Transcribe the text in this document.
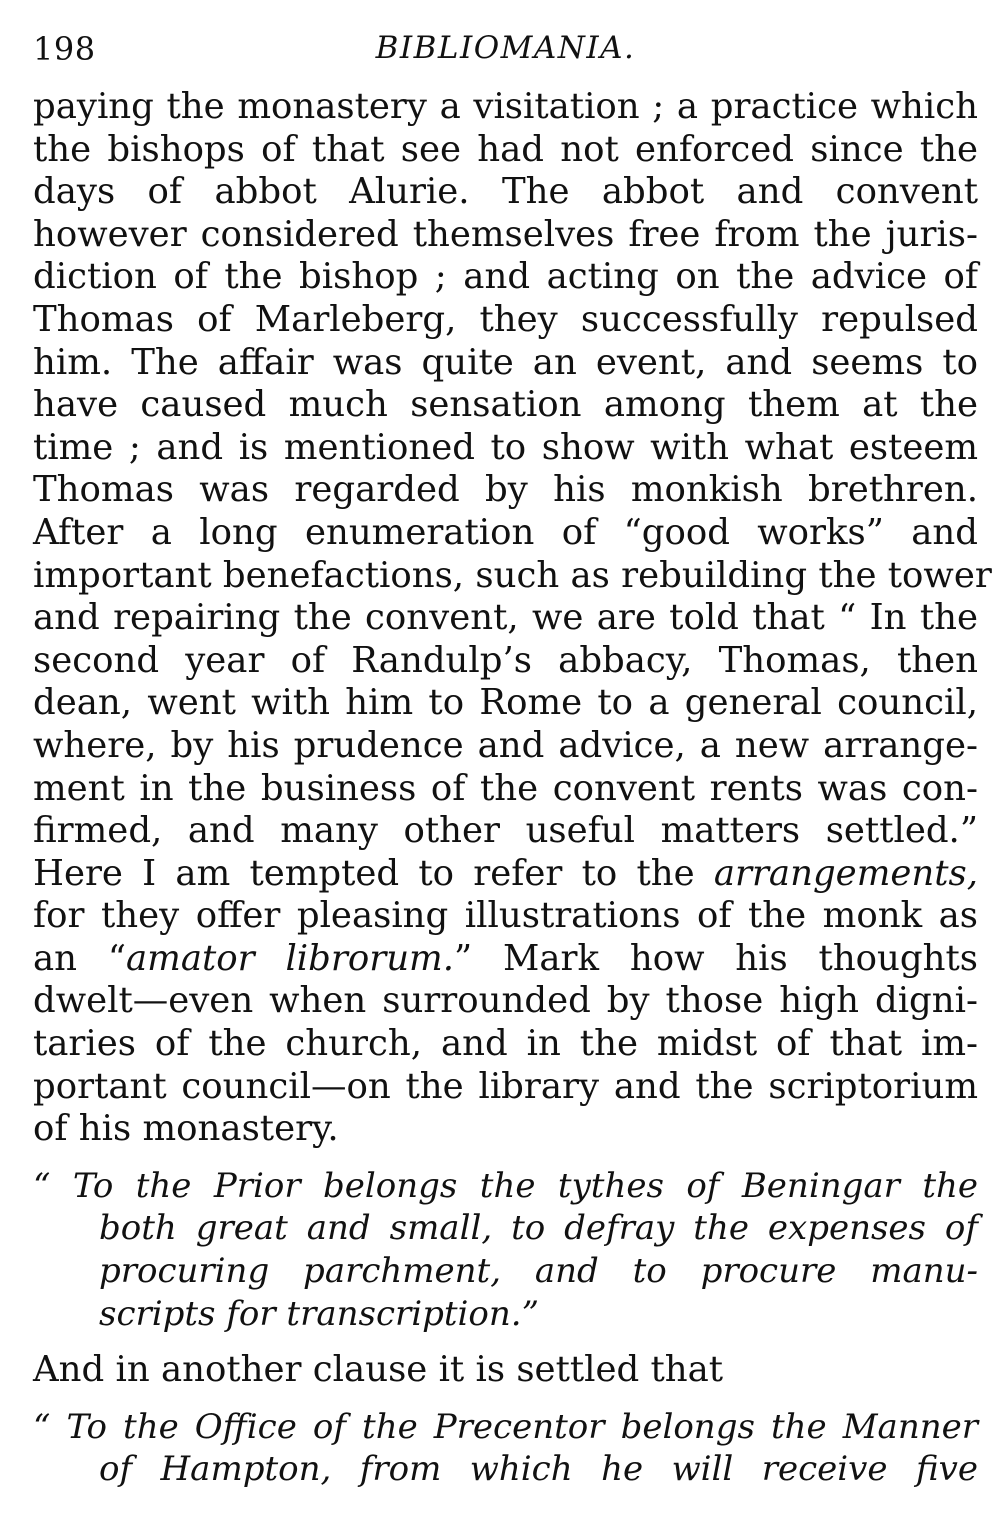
198	BIBLIOMANIA.
paying the monastery a visitation ; a practice which
the bishops of that see had not enforced since the
days of abbot Alurie. The abbot and convent
however considered themselves free from the juris-
diction of the bishop ; and acting on the advice of
Thomas of Marleberg, they successfully repulsed
him. The affair was quite an event, and seems to
have caused much sensation among them at the
time ; and is mentioned to show with what esteem
Thomas was regarded by his monkish brethren.
After a long enumeration of “good works” and
important benefactions, such as rebuilding the tower
and repairing the convent, we are told that “ In the
second year of Randulp’s abbacy, Thomas, then
dean, went with him to Rome to a general council,
where, by his prudence and advice, a new arrange-
ment in the business of the convent rents was con-
firmed, and many other useful matters settled.”
Here I am tempted to refer to the arrangements,
for they offer pleasing illustrations of the monk as
an “amator librorum.” Mark how his thoughts
dwelt—even when surrounded by those high digni-
taries of the church, and in the midst of that im-
portant council—on the library and the scriptorium
of his monastery.
“ To the Prior belongs the tythes of Beningar the
both great and small, to defray the expenses of
procuring parchment, and to procure manu-
scripts for transcription.”
And in another clause it is settled that
“ To the Office of the Precentor belongs the Manner
of Hampton, from which he will receive five
